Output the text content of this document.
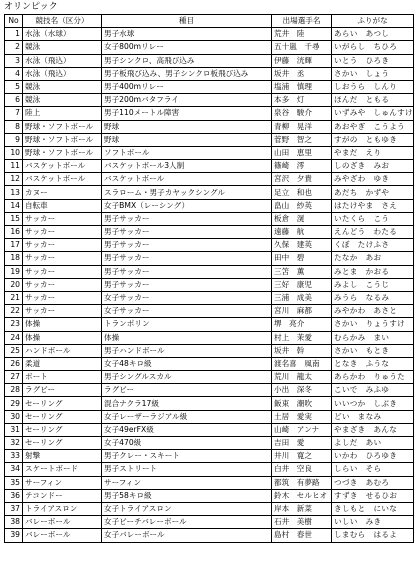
オリンピック
No	競技名（区分）	種目	出場選手名	ふりがな
1	水泳（水球）	男子水球	荒井　陸	あらい　あつし
2	競泳	女子800mリレー	五十嵐　千尋	いがらし　ちひろ
3	水泳（飛込）	男子シンクロ、高飛び込み	伊藤　洸輝	いとう　ひろき
4	水泳（飛込）	男子板飛び込み、男子シンクロ板飛び込み	坂井　丞	さかい　しょう
5	競泳	男子400mリレー	塩浦　慎理	しおうら　しんり
6	競泳	男子200mバタフライ	本多　灯	ほんだ　ともる
7	陸上	男子110メートル障害	泉谷　駿介	いずみや　しゅんすけ
8	野球・ソフトボール	野球	青柳　晃洋	あおやぎ　こうよう
9	野球・ソフトボール	野球	菅野　智之	すがの　ともゆき
10	野球・ソフトボール	ソフトボール	山田　恵里	やまだ　えり
11	バスケットボール	バスケットボール3人制	篠崎　澪	しのざき　みお
12	バスケットボール	バスケットボール	宮沢　夕貴	みやざわ　ゆき
13	カヌー	スラローム・男子カヤックシングル	足立　和也	あだち　かずや
14	自転車	女子BMX（レーシング）	畠山　紗英	はたけやま　さえ
15	サッカー	男子サッカー	板倉　滉	いたくら　こう
16	サッカー	男子サッカー	遠藤　航	えんどう　わたる
17	サッカー	男子サッカー	久保　建英	くぼ　たけふさ
18	サッカー	男子サッカー	田中　碧	たなか　あお
19	サッカー	男子サッカー	三笘　薫	みとま　かおる
20	サッカー	男子サッカー	三好　康児	みよし　こうじ
21	サッカー	女子サッカー	三浦　成美	みうら　なるみ
22	サッカー	女子サッカー	宮川　麻都	みやかわ　あさと
23	体操	トランポリン	堺　亮介	さかい　りょうすけ
24	体操	体操	村上　茉愛	むらかみ　まい
25	ハンドボール	男子ハンドボール	坂井　幹	さかい　もとき
26	柔道	女子48キロ級	渡名喜　風南	となき　ふうな
27	ボート	男子シングルスカル	荒川　龍太	あらかわ　りゅうた
28	ラグビー	ラグビー	小出　深冬	こいで　みふゆ
29	セーリング	混合ナクラ17級	飯束　潮吹	いいつか　しぶき
30	セーリング	女子レーザーラジアル級	土居　愛実	どい　まなみ
31	セーリング	女子49erFX級	山崎　アンナ	やまざき　あんな
32	セーリング	女子470級	吉田　愛	よしだ　あい
33	射撃	男子クレー・スキート	井川　寛之	いかわ　ひろゆき
34	スケートボード	男子ストリート	白井　空良	しらい　そら
35	サーフィン	サーフィン	都筑　有夢路	つづき　あむろ
36	テコンドー	男子58キロ級	鈴木　セルヒオ	すずき　せるひお
37	トライアスロン	女子トライアスロン	岸本　新菜	きしもと　にいな
38	バレーボール	女子ビーチバレーボール	石井　美樹	いしい　みき
39	バレーボール	女子バレーボール	島村　春世	しまむら　はるよ
